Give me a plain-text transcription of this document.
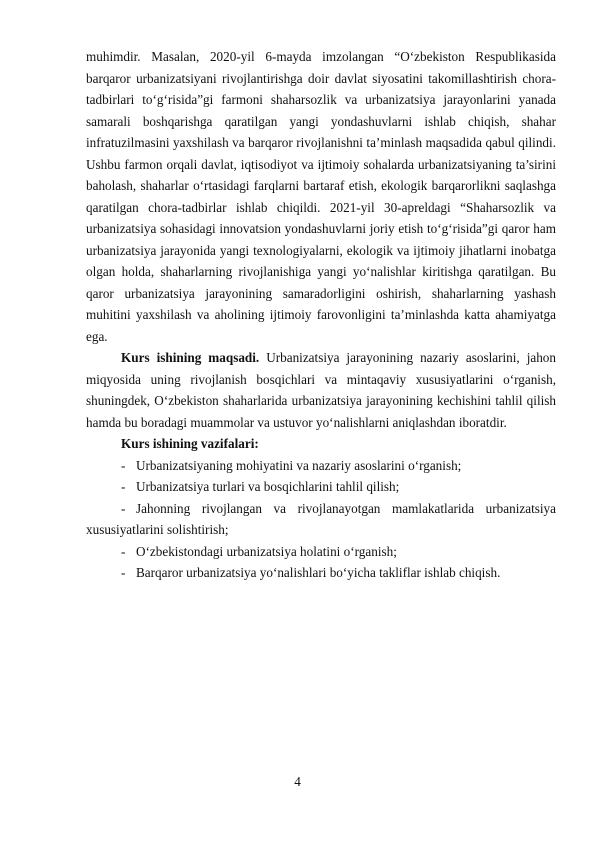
muhimdir. Masalan, 2020-yil 6-mayda imzolangan “O‘zbekiston Respublikasida barqaror urbanizatsiyani rivojlantirishga doir davlat siyosatini takomillashtirish chora-tadbirlari to‘g‘risida”gi farmoni shaharsozlik va urbanizatsiya jarayonlarini yanada samarali boshqarishga qaratilgan yangi yondashuvlarni ishlab chiqish, shahar infratuzilmasini yaxshilash va barqaror rivojlanishni ta’minlash maqsadida qabul qilindi. Ushbu farmon orqali davlat, iqtisodiyot va ijtimoiy sohalarda urbanizatsiyaning ta’sirini baholash, shaharlar o‘rtasidagi farqlarni bartaraf etish, ekologik barqarorlikni saqlashga qaratilgan chora-tadbirlar ishlab chiqildi. 2021-yil 30-apreldagi “Shaharsozlik va urbanizatsiya sohasidagi innovatsion yondashuvlarni joriy etish to‘g‘risida”gi qaror ham urbanizatsiya jarayonida yangi texnologiyalarni, ekologik va ijtimoiy jihatlarni inobatga olgan holda, shaharlarning rivojlanishiga yangi yo‘nalishlar kiritishga qaratilgan. Bu qaror urbanizatsiya jarayonining samaradorligini oshirish, shaharlarning yashash muhitini yaxshilash va aholining ijtimoiy farovonligini ta’minlashda katta ahamiyatga ega.

Kurs ishining maqsadi. Urbanizatsiya jarayonining nazariy asoslarini, jahon miqyosida uning rivojlanish bosqichlari va mintaqaviy xususiyatlarini o‘rganish, shuningdek, O‘zbekiston shaharlarida urbanizatsiya jarayonining kechishini tahlil qilish hamda bu boradagi muammolar va ustuvor yo‘nalishlarni aniqlashdan iboratdir.

Kurs ishining vazifalari:

- Urbanizatsiyaning mohiyatini va nazariy asoslarini o‘rganish;
- Urbanizatsiya turlari va bosqichlarini tahlil qilish;
- Jahonning rivojlangan va rivojlanayotgan mamlakatlarida urbanizatsiya xususiyatlarini solishtirish;
- O‘zbekistondagi urbanizatsiya holatini o‘rganish;
- Barqaror urbanizatsiya yo‘nalishlari bo‘yicha takliflar ishlab chiqish.
4
